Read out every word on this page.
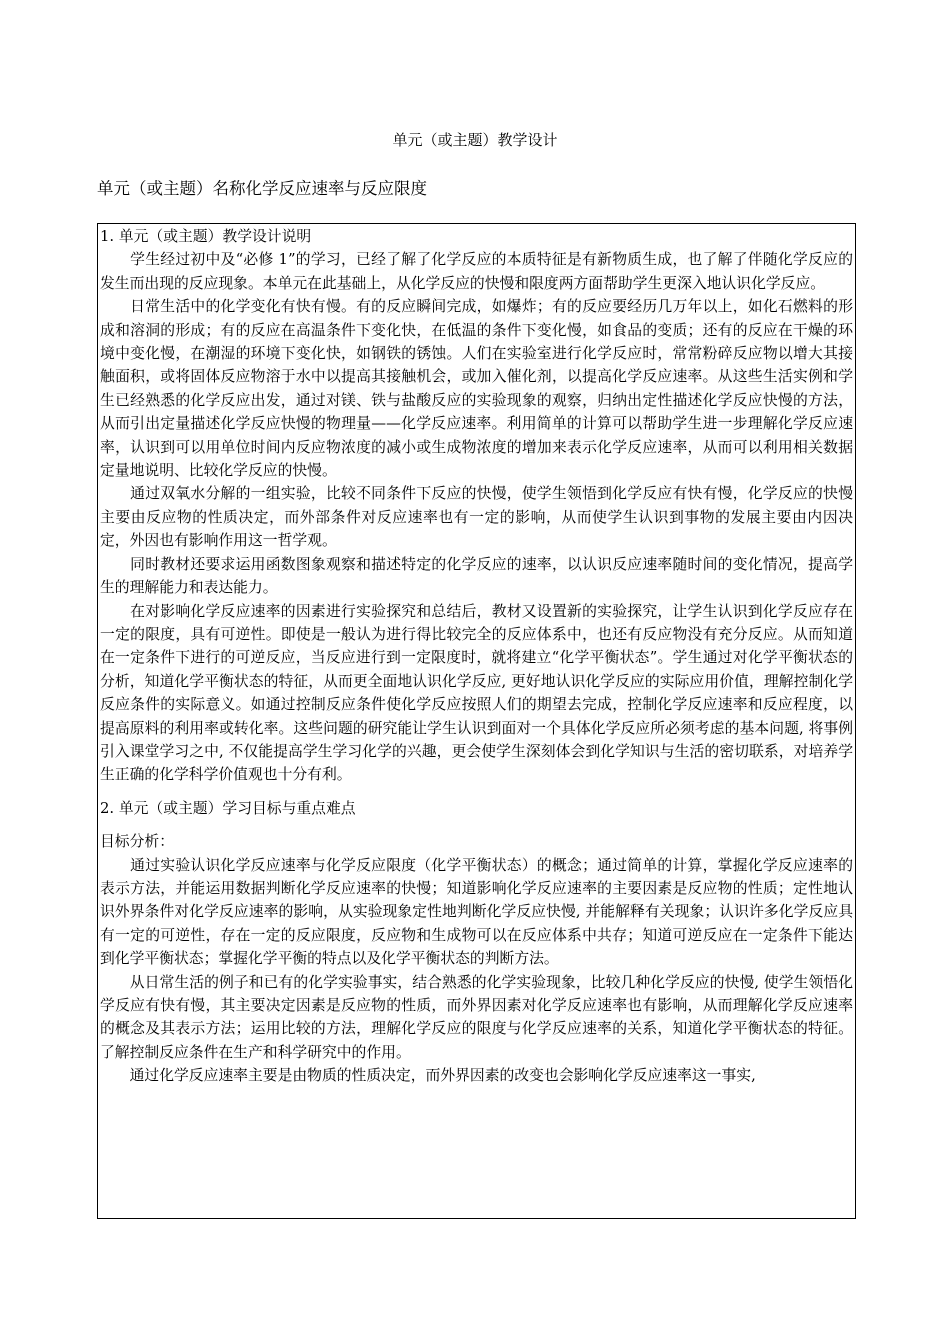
单元（或主题）教学设计
单元（或主题）名称化学反应速率与反应限度

1. 单元（或主题）教学设计说明

　　学生经过初中及“必修 1”的学习，已经了解了化学反应的本质特征是有新物质生成，也了解了伴随化学反应的发生而出现的反应现象。本单元在此基础上，从化学反应的快慢和限度两方面帮助学生更深入地认识化学反应。

　　日常生活中的化学变化有快有慢。有的反应瞬间完成，如爆炸；有的反应要经历几万年以上，如化石燃料的形成和溶洞的形成；有的反应在高温条件下变化快，在低温的条件下变化慢，如食品的变质；还有的反应在干燥的环境中变化慢，在潮湿的环境下变化快，如钢铁的锈蚀。人们在实验室进行化学反应时，常常粉碎反应物以增大其接触面积，或将固体反应物溶于水中以提高其接触机会，或加入催化剂，以提高化学反应速率。从这些生活实例和学生已经熟悉的化学反应出发，通过对镁、铁与盐酸反应的实验现象的观察，归纳出定性描述化学反应快慢的方法，从而引出定量描述化学反应快慢的物理量——化学反应速率。利用简单的计算可以帮助学生进一步理解化学反应速率，认识到可以用单位时间内反应物浓度的减小或生成物浓度的增加来表示化学反应速率，从而可以利用相关数据定量地说明、比较化学反应的快慢。

　　通过双氧水分解的一组实验，比较不同条件下反应的快慢，使学生领悟到化学反应有快有慢，化学反应的快慢主要由反应物的性质决定，而外部条件对反应速率也有一定的影响，从而使学生认识到事物的发展主要由内因决定，外因也有影响作用这一哲学观。

　　同时教材还要求运用函数图象观察和描述特定的化学反应的速率，以认识反应速率随时间的变化情况，提高学生的理解能力和表达能力。

　　在对影响化学反应速率的因素进行实验探究和总结后，教材又设置新的实验探究，让学生认识到化学反应存在一定的限度，具有可逆性。即使是一般认为进行得比较完全的反应体系中，也还有反应物没有充分反应。从而知道在一定条件下进行的可逆反应，当反应进行到一定限度时，就将建立“化学平衡状态”。学生通过对化学平衡状态的分析，知道化学平衡状态的特征，从而更全面地认识化学反应, 更好地认识化学反应的实际应用价值，理解控制化学反应条件的实际意义。如通过控制反应条件使化学反应按照人们的期望去完成，控制化学反应速率和反应程度，以提高原料的利用率或转化率。这些问题的研究能让学生认识到面对一个具体化学反应所必须考虑的基本问题, 将事例引入课堂学习之中, 不仅能提高学生学习化学的兴趣，更会使学生深刻体会到化学知识与生活的密切联系，对培养学生正确的化学科学价值观也十分有利。

2. 单元（或主题）学习目标与重点难点

目标分析：

　　通过实验认识化学反应速率与化学反应限度（化学平衡状态）的概念；通过简单的计算，掌握化学反应速率的表示方法，并能运用数据判断化学反应速率的快慢；知道影响化学反应速率的主要因素是反应物的性质；定性地认识外界条件对化学反应速率的影响，从实验现象定性地判断化学反应快慢, 并能解释有关现象；认识许多化学反应具有一定的可逆性，存在一定的反应限度，反应物和生成物可以在反应体系中共存；知道可逆反应在一定条件下能达到化学平衡状态；掌握化学平衡的特点以及化学平衡状态的判断方法。

　　从日常生活的例子和已有的化学实验事实，结合熟悉的化学实验现象，比较几种化学反应的快慢, 使学生领悟化学反应有快有慢，其主要决定因素是反应物的性质，而外界因素对化学反应速率也有影响，从而理解化学反应速率的概念及其表示方法；运用比较的方法，理解化学反应的限度与化学反应速率的关系，知道化学平衡状态的特征。了解控制反应条件在生产和科学研究中的作用。

　　通过化学反应速率主要是由物质的性质决定，而外界因素的改变也会影响化学反应速率这一事实,
